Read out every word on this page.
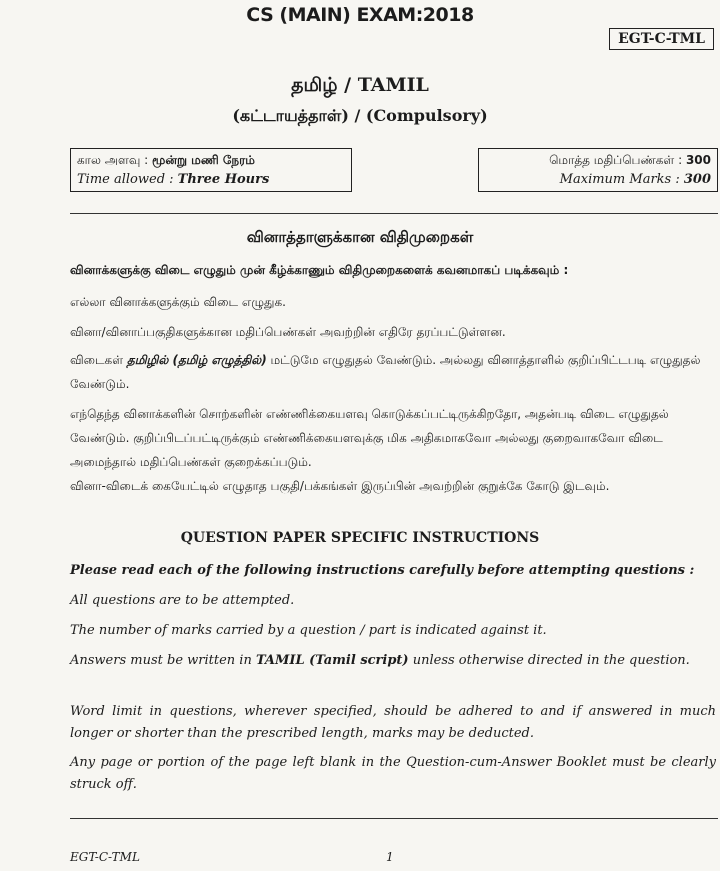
CS (MAIN) EXAM:2018
EGT-C-TML
தமிழ் / TAMIL
(கட்டாயத்தாள்) / (Compulsory)
கால அளவு : மூன்று மணி நேரம்
Time allowed : Three Hours
மொத்த மதிப்பெண்கள் : 300
Maximum Marks : 300
வினாத்தாளுக்கான விதிமுறைகள்
வினாக்களுக்கு விடை எழுதும் முன் கீழ்க்காணும் விதிமுறைகளைக் கவனமாகப் படிக்கவும் :
எல்லா வினாக்களுக்கும் விடை எழுதுக.
வினா/வினாப்பகுதிகளுக்கான மதிப்பெண்கள் அவற்றின் எதிரே தரப்பட்டுள்ளன.
விடைகள் தமிழில் (தமிழ் எழுத்தில்) மட்டுமே எழுதுதல் வேண்டும். அல்லது வினாத்தாளில் குறிப்பிட்டபடி எழுதுதல் வேண்டும்.
எந்தெந்த வினாக்களின் சொற்களின் எண்ணிக்கையளவு கொடுக்கப்பட்டிருக்கிறதோ, அதன்படி விடை எழுதுதல் வேண்டும். குறிப்பிடப்பட்டிருக்கும் எண்ணிக்கையளவுக்கு மிக அதிகமாகவோ அல்லது குறைவாகவோ விடை அமைந்தால் மதிப்பெண்கள் குறைக்கப்படும்.
வினா-விடைக் கையேட்டில் எழுதாத பகுதி/பக்கங்கள் இருப்பின் அவற்றின் குறுக்கே கோடு இடவும்.
QUESTION PAPER SPECIFIC INSTRUCTIONS
Please read each of the following instructions carefully before attempting questions :
All questions are to be attempted.
The number of marks carried by a question / part is indicated against it.
Answers must be written in TAMIL (Tamil script) unless otherwise directed in the question.
Word limit in questions, wherever specified, should be adhered to and if answered in much longer or shorter than the prescribed length, marks may be deducted.
Any page or portion of the page left blank in the Question-cum-Answer Booklet must be clearly struck off.
EGT-C-TML	1
